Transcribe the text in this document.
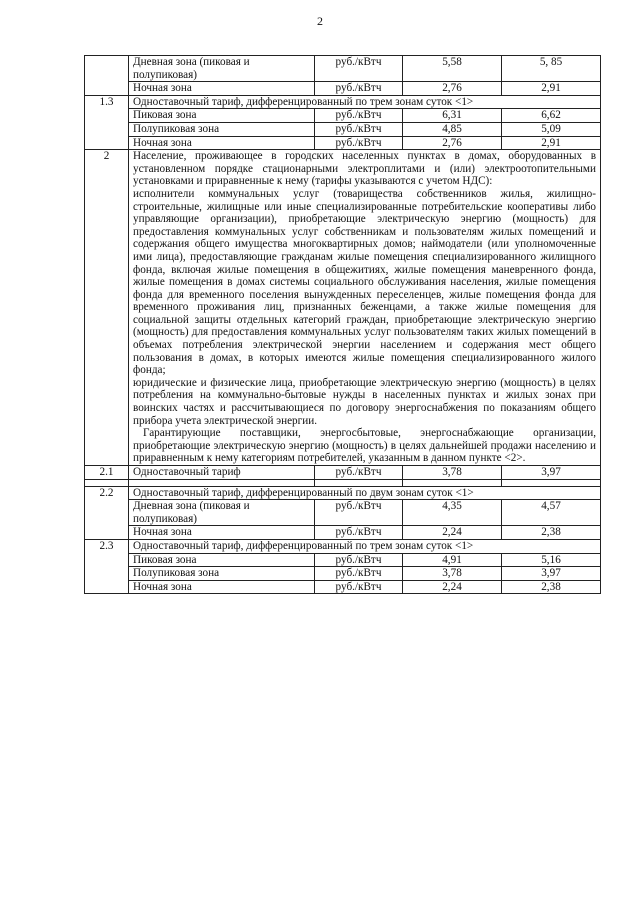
2
	Дневная зона (пиковая и полупиковая)	руб./кВтч	5,58	5, 85
	Ночная зона	руб./кВтч	2,76	2,91
1.3	Одноставочный тариф, дифференцированный по трем зонам суток <1>			
	Пиковая зона	руб./кВтч	6,31	6,62
	Полупиковая зона	руб./кВтч	4,85	5,09
	Ночная зона	руб./кВтч	2,76	2,91
2	Население, проживающее в городских населенных пунктах в домах, оборудованных в установленном порядке стационарными электроплитами и (или) электроотопительными установками и приравненные к нему (тарифы указываются с учетом НДС):
исполнители коммунальных услуг (товарищества собственников жилья, жилищно-строительные, жилищные или иные специализированные потребительские кооперативы либо управляющие организации), приобретающие электрическую энергию (мощность) для предоставления коммунальных услуг собственникам и пользователям жилых помещений и содержания общего имущества многоквартирных домов; наймодатели (или уполномоченные ими лица), предоставляющие гражданам жилые помещения специализированного жилищного фонда, включая жилые помещения в общежитиях, жилые помещения маневренного фонда, жилые помещения в домах системы социального обслуживания населения, жилые помещения фонда для временного поселения вынужденных переселенцев, жилые помещения фонда для временного проживания лиц, признанных беженцами, а также жилые помещения для социальной защиты отдельных категорий граждан, приобретающие электрическую энергию (мощность) для предоставления коммунальных услуг пользователям таких жилых помещений в объемах потребления электрической энергии населением и содержания мест общего пользования в домах, в которых имеются жилые помещения специализированного жилого фонда;
юридические и физические лица, приобретающие электрическую энергию (мощность) в целях потребления на коммунально-бытовые нужды в населенных пунктах и жилых зонах при воинских частях и рассчитывающиеся по договору энергоснабжения по показаниям общего прибора учета электрической энергии.
Гарантирующие поставщики, энергосбытовые, энергоснабжающие организации, приобретающие электрическую энергию (мощность) в целях дальнейшей продажи населению и приравненным к нему категориям потребителей, указанным в данном пункте <2>.			

2.1	Одноставочный тариф	руб./кВтч	3,78	3,97

2.2	Одноставочный тариф, дифференцированный по двум зонам суток <1>			
	Дневная зона (пиковая и полупиковая)	руб./кВтч	4,35	4,57
	Ночная зона	руб./кВтч	2,24	2,38
2.3	Одноставочный тариф, дифференцированный по трем зонам суток <1>			
	Пиковая зона	руб./кВтч	4,91	5,16
	Полупиковая зона	руб./кВтч	3,78	3,97
	Ночная зона	руб./кВтч	2,24	2,38
